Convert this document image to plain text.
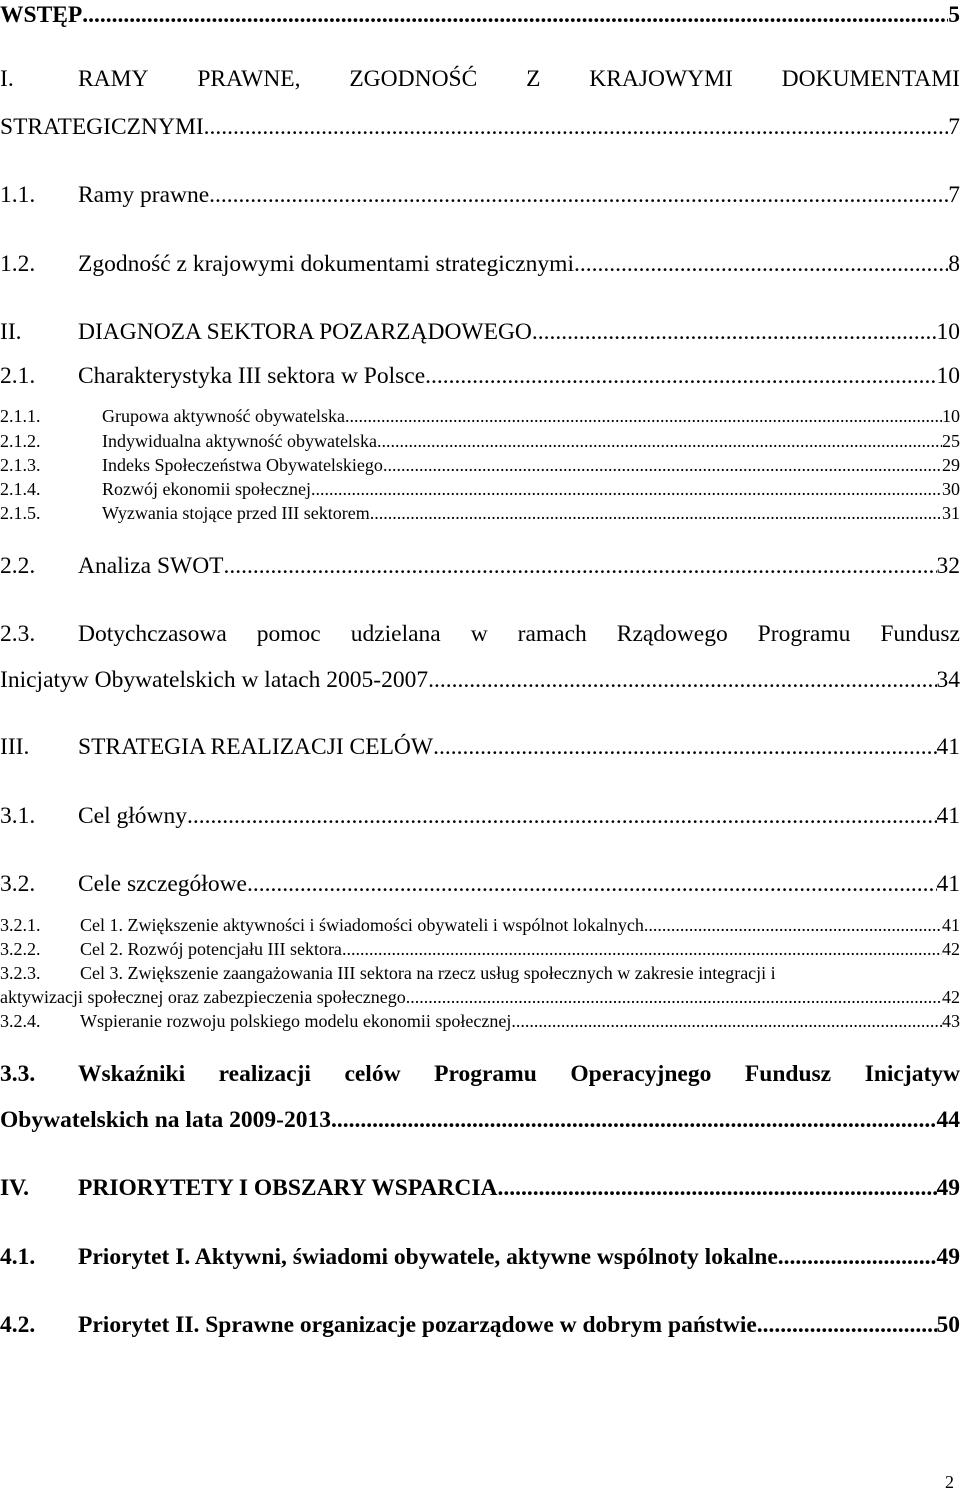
WSTĘP .....	5
I.	RAMY PRAWNE, ZGODNOŚĆ Z KRAJOWYMI DOKUMENTAMI
STRATEGICZNYMI .....	7
1.1.	Ramy prawne .....	7
1.2.	Zgodność z krajowymi dokumentami strategicznymi .....	8
II.	DIAGNOZA SEKTORA POZARZĄDOWEGO .....	10
2.1.	Charakterystyka III sektora w Polsce .....	10
2.1.1.	Grupowa aktywność obywatelska .....	10
2.1.2.	Indywidualna aktywność obywatelska .....	25
2.1.3.	Indeks Społeczeństwa Obywatelskiego .....	29
2.1.4.	Rozwój ekonomii społecznej .....	30
2.1.5.	Wyzwania stojące przed III sektorem .....	31
2.2.	Analiza SWOT .....	32
2.3.	Dotychczasowa pomoc udzielana w ramach Rządowego Programu Fundusz
Inicjatyw Obywatelskich w latach 2005-2007 .....	34
III.	STRATEGIA REALIZACJI CELÓW .....	41
3.1.	Cel główny .....	41
3.2.	Cele szczegółowe .....	41
3.2.1.	Cel 1. Zwiększenie aktywności i świadomości obywateli i wspólnot lokalnych .....	41
3.2.2.	Cel 2. Rozwój potencjału III sektora .....	42
3.2.3.	Cel 3. Zwiększenie zaangażowania III sektora na rzecz usług społecznych w zakresie integracji i
aktywizacji społecznej oraz zabezpieczenia społecznego .....	42
3.2.4.	Wspieranie rozwoju polskiego modelu ekonomii społecznej .....	43
3.3.	Wskaźniki realizacji celów Programu Operacyjnego Fundusz Inicjatyw
Obywatelskich na lata 2009-2013 .....	44
IV.	PRIORYTETY I OBSZARY WSPARCIA .....	49
4.1.	Priorytet I. Aktywni, świadomi obywatele, aktywne wspólnoty lokalne .....	49
4.2.	Priorytet II. Sprawne organizacje pozarządowe w dobrym państwie .....	50
2
